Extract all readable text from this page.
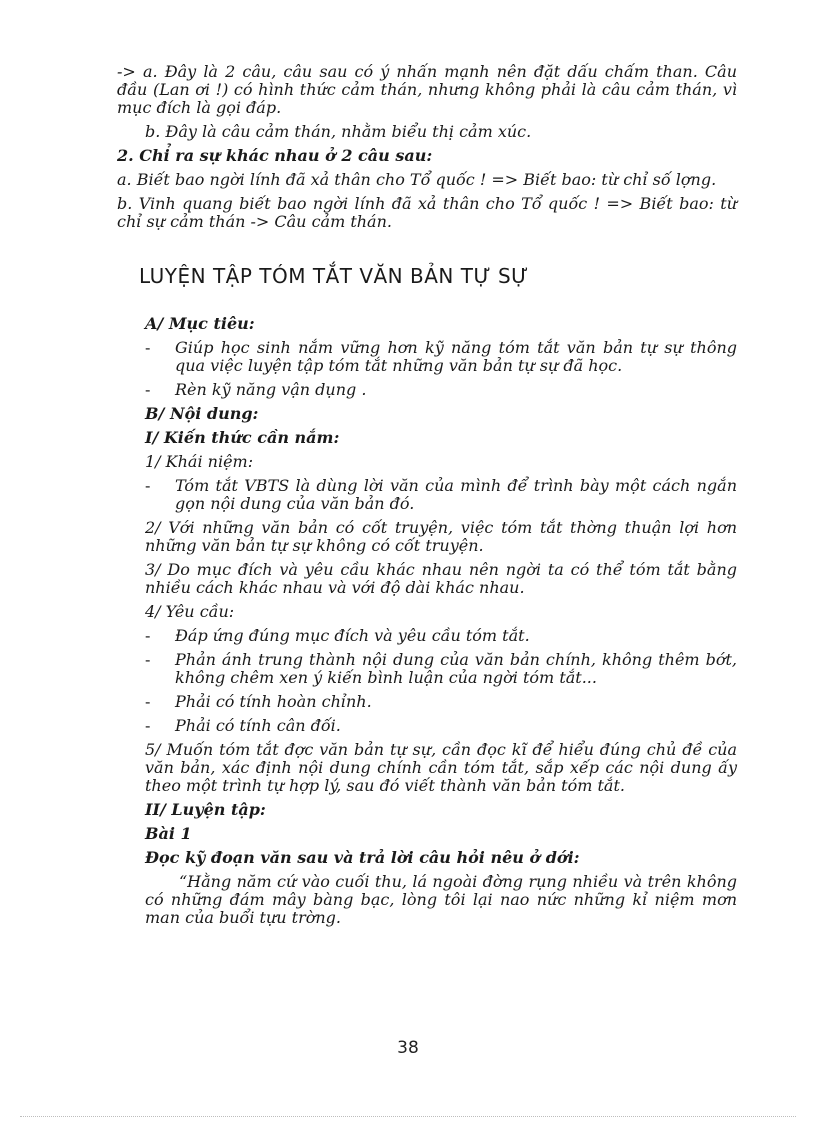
-> a. Đây là 2 câu, câu sau có ý nhấn mạnh nên đặt dấu chấm than. Câu đầu (Lan ơi !) có hình thức cảm thán, nhưng không phải là câu cảm thán, vì mục đích là gọi đáp.

b. Đây là câu cảm thán, nhằm biểu thị cảm xúc.

2. Chỉ ra sự khác nhau ở 2 câu sau:

a. Biết bao ngời lính đã xả thân cho Tổ quốc ! => Biết bao: từ chỉ số lợng.

b. Vinh quang biết bao ngời lính đã xả thân cho Tổ quốc ! => Biết bao: từ chỉ sự cảm thán -> Câu cảm thán.

LUYỆN TẬP TÓM TẮT VĂN BẢN TỰ SỰ
A/ Mục tiêu:
-	Giúp học sinh nắm vững hơn kỹ năng tóm tắt văn bản tự sự thông qua việc luyện tập tóm tắt những văn bản tự sự đã học.
-	Rèn kỹ năng vận dụng .
B/ Nội dung:
I/ Kiến thức cần nắm:
1/ Khái niệm:
-	Tóm tắt VBTS là dùng lời văn của mình để trình bày một cách ngắn gọn nội dung của văn bản đó.
2/ Với những văn bản có cốt truyện, việc tóm tắt thờng thuận lợi hơn những văn bản tự sự không có cốt truyện.
3/ Do mục đích và yêu cầu khác nhau nên ngời ta có thể tóm tắt bằng nhiều cách khác nhau và với độ dài khác nhau.
4/ Yêu cầu:
-	Đáp ứng đúng mục đích và yêu cầu tóm tắt.
-	Phản ánh trung thành nội dung của văn bản chính, không thêm bớt, không chêm xen ý kiến bình luận của ngời tóm tắt...
-	Phải có tính hoàn chỉnh.
-	Phải có tính cân đối.
5/ Muốn tóm tắt đợc văn bản tự sự, cần đọc kĩ để hiểu đúng chủ đề của văn bản, xác định nội dung chính cần tóm tắt, sắp xếp các nội dung ấy theo một trình tự hợp lý, sau đó viết thành văn bản tóm tắt.
II/ Luyện tập:
Bài 1
Đọc kỹ đoạn văn sau và trả lời câu hỏi nêu ở dới:
“Hằng năm cứ vào cuối thu, lá ngoài đờng rụng nhiều và trên không có những đám mây bàng bạc, lòng tôi lại nao nức những kỉ niệm mơn man của buổi tựu trờng.
38
